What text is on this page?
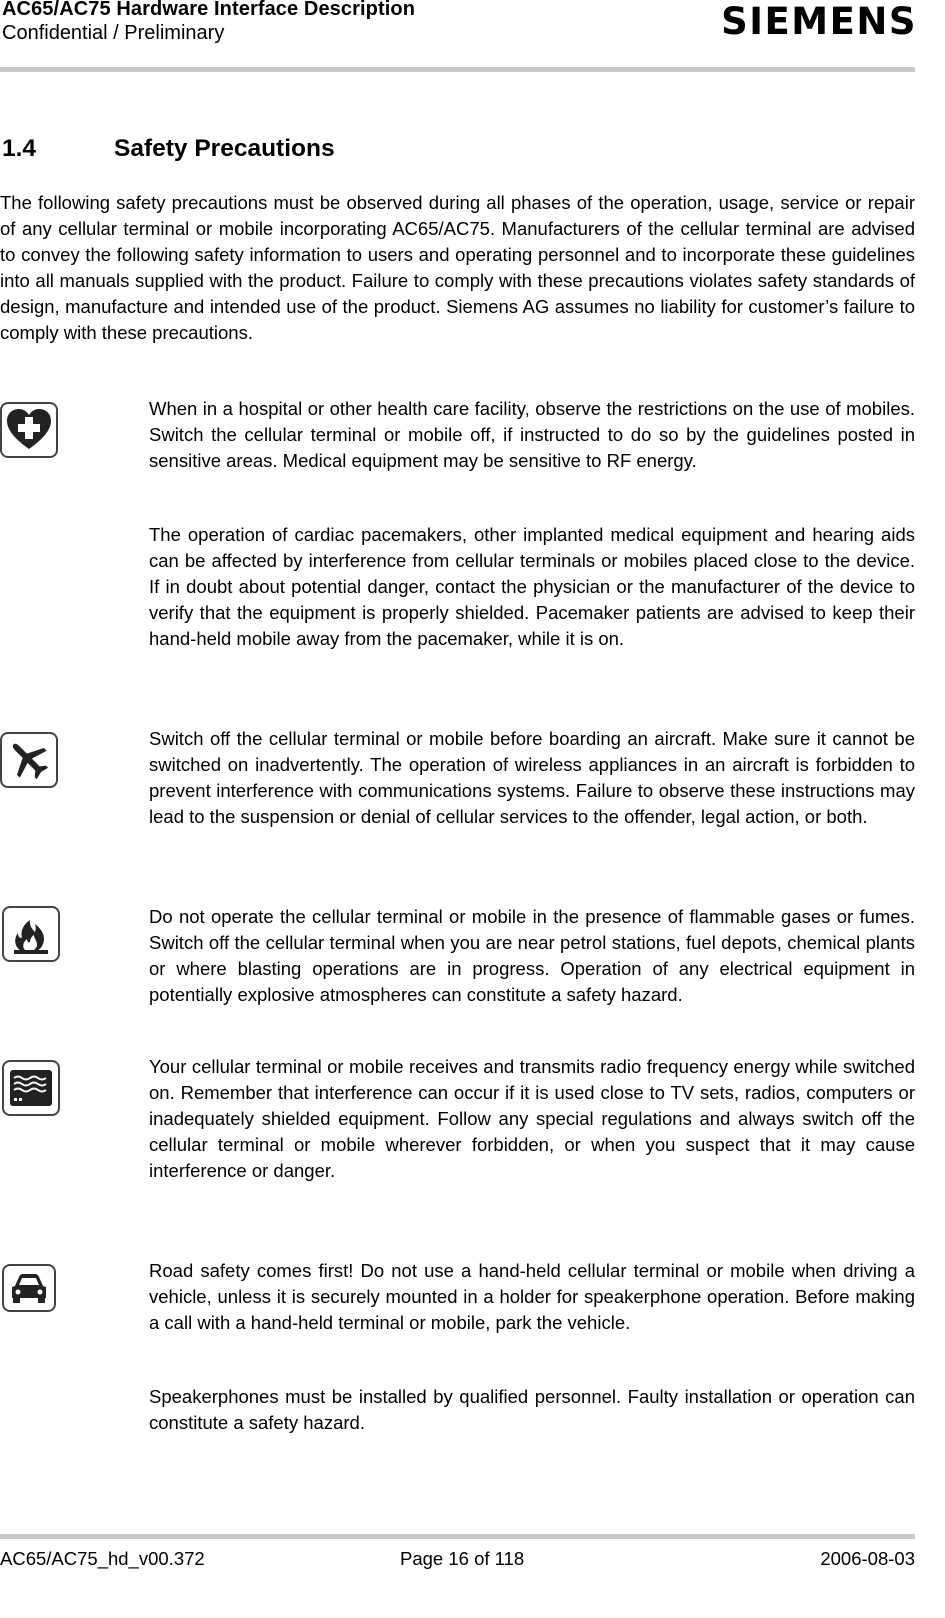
AC65/AC75 Hardware Interface Description
Confidential / Preliminary	SIEMENS
1.4	Safety Precautions

The following safety precautions must be observed during all phases of the operation, usage, service or repair of any cellular terminal or mobile incorporating AC65/AC75. Manufacturers of the cellular terminal are advised to convey the following safety information to users and operating personnel and to incorporate these guidelines into all manuals supplied with the product. Failure to comply with these precautions violates safety standards of design, manufacture and intended use of the product. Siemens AG assumes no liability for customer’s failure to comply with these precautions.

When in a hospital or other health care facility, observe the restrictions on the use of mobiles. Switch the cellular terminal or mobile off, if instructed to do so by the guidelines posted in sensitive areas. Medical equipment may be sensitive to RF energy.

The operation of cardiac pacemakers, other implanted medical equipment and hearing aids can be affected by interference from cellular terminals or mobiles placed close to the device. If in doubt about potential danger, contact the physician or the manufacturer of the device to verify that the equipment is properly shielded. Pacemaker patients are advised to keep their hand-held mobile away from the pacemaker, while it is on.

Switch off the cellular terminal or mobile before boarding an aircraft. Make sure it cannot be switched on inadvertently. The operation of wireless appliances in an aircraft is forbidden to prevent interference with communications systems. Failure to observe these instructions may lead to the suspension or denial of cellular services to the offender, legal action, or both.

Do not operate the cellular terminal or mobile in the presence of flammable gases or fumes. Switch off the cellular terminal when you are near petrol stations, fuel depots, chemical plants or where blasting operations are in progress. Operation of any electrical equipment in potentially explosive atmospheres can constitute a safety hazard.

Your cellular terminal or mobile receives and transmits radio frequency energy while switched on. Remember that interference can occur if it is used close to TV sets, radios, computers or inadequately shielded equipment. Follow any special regulations and always switch off the cellular terminal or mobile wherever forbidden, or when you suspect that it may cause interference or danger.

Road safety comes first! Do not use a hand-held cellular terminal or mobile when driving a vehicle, unless it is securely mounted in a holder for speakerphone operation. Before making a call with a hand-held terminal or mobile, park the vehicle.

Speakerphones must be installed by qualified personnel. Faulty installation or operation can constitute a safety hazard.

AC65/AC75_hd_v00.372	Page 16 of 118	2006-08-03
